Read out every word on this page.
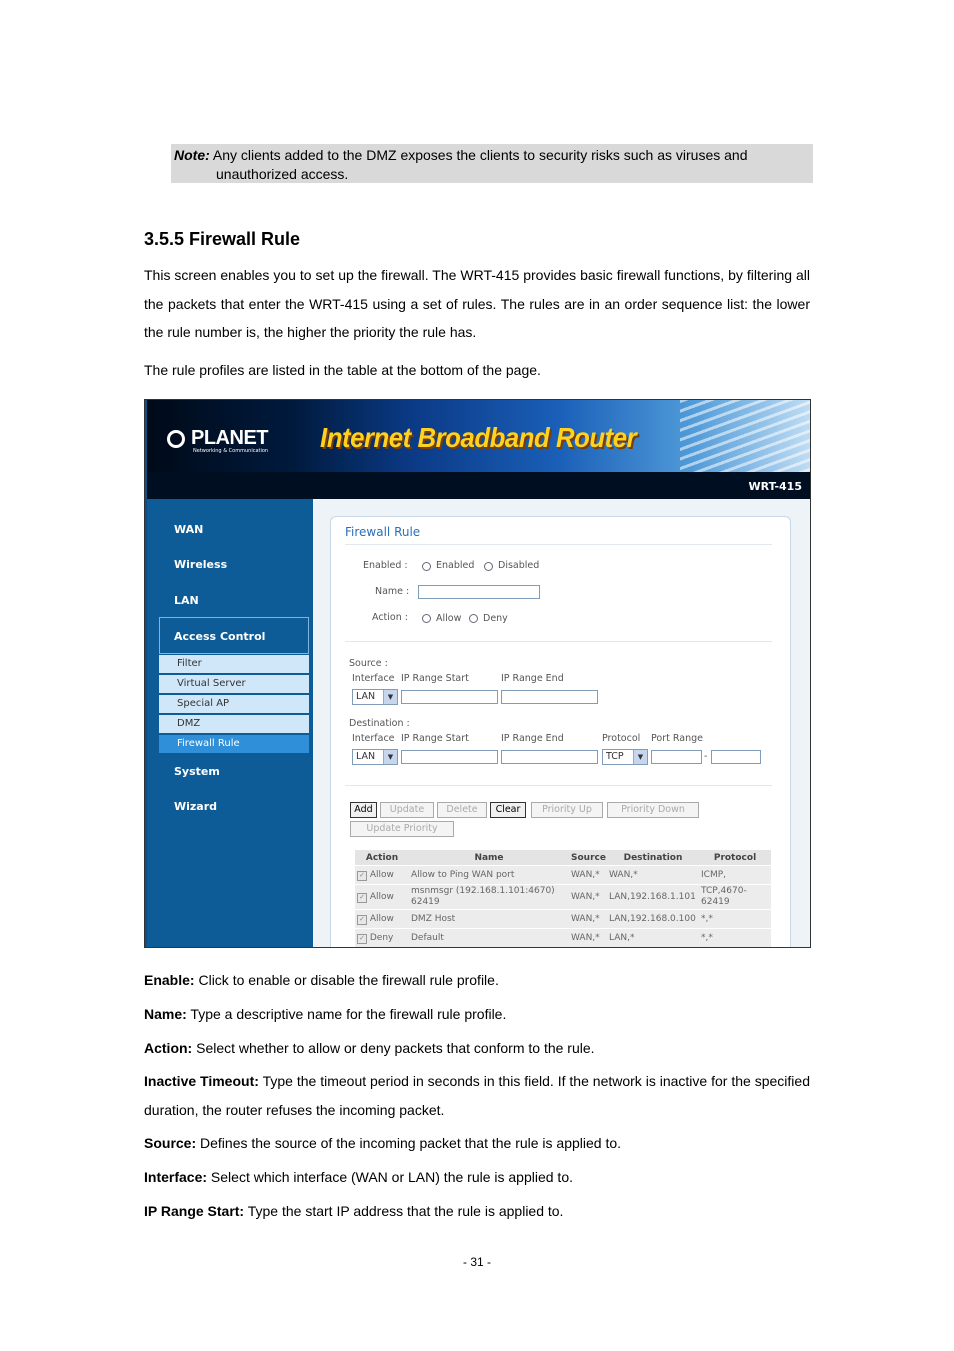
Note: Any clients added to the DMZ exposes the clients to security risks such as viruses and
unauthorized access.
3.5.5 Firewall Rule

This screen enables you to set up the firewall. The WRT-415 provides basic firewall functions, by filtering all the packets that enter the WRT-415 using a set of rules. The rules are in an order sequence list: the lower the rule number is, the higher the priority the rule has.

The rule profiles are listed in the table at the bottom of the page.

PLANET
Networking & Communication Internet Broadband Router
WRT-415
WAN
Wireless
LAN
Access Control
Filter
Virtual Server
Special AP
DMZ
Firewall Rule
System
Wizard
Firewall Rule
Enabled :	Enabled Disabled
Name :
Action :	Allow Deny
Source :
Interface IP Range Start	IP Range End
LAN	▼
Destination :
Interface IP Range Start	IP Range End	Protocol Port Range
LAN	▼	TCP	▼	-
Add	Update	Delete	Clear	Priority Up	Priority Down
Update Priority
Action	Name	Source	Destination	Protocol
✓ Allow	Allow to Ping WAN port	WAN,*	WAN,*	ICMP,
✓ Allow	msnmsgr (192.168.1.101:4670) 62419	WAN,*	LAN,192.168.1.101	TCP,4670-62419
✓ Allow	DMZ Host	WAN,*	LAN,192.168.0.100	*,*
✓ Deny	Default	WAN,*	LAN,*	*,*

Enable: Click to enable or disable the firewall rule profile.

Name: Type a descriptive name for the firewall rule profile.

Action: Select whether to allow or deny packets that conform to the rule.

Inactive Timeout: Type the timeout period in seconds in this field. If the network is inactive for the specified duration, the router refuses the incoming packet.

Source: Defines the source of the incoming packet that the rule is applied to.

Interface: Select which interface (WAN or LAN) the rule is applied to.

IP Range Start: Type the start IP address that the rule is applied to.

- 31 -
